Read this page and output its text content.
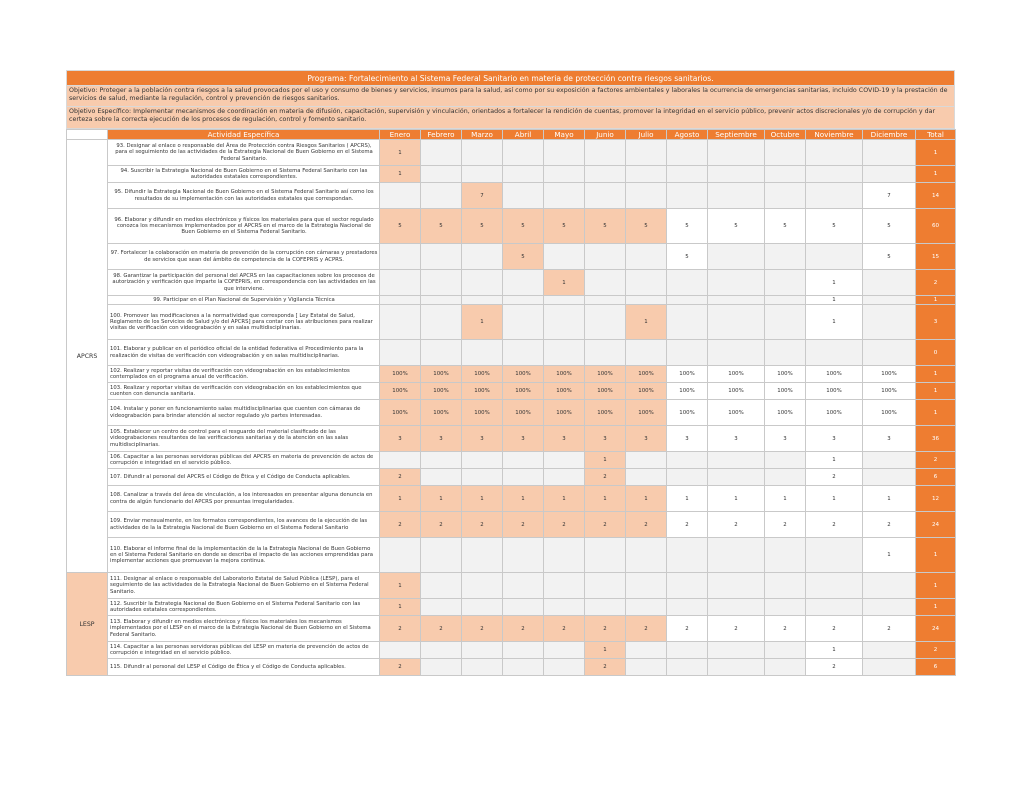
Programa: Fortalecimiento al Sistema Federal Sanitario en materia de protección contra riesgos sanitarios.
Objetivo: Proteger a la población contra riesgos a la salud provocados por el uso y consumo de bienes y servicios, insumos para la salud, así como por su exposición a factores ambientales y laborales la ocurrencia de emergencias sanitarias, incluido COVID-19 y la prestación de servicios de salud, mediante la regulación, control y prevención de riesgos sanitarios.
Objetivo Específico: Implementar mecanismos de coordinación en materia de difusión, capacitación, supervisión y vinculación, orientados a fortalecer la rendición de cuentas, promover la integridad en el servicio público, prevenir actos discrecionales y/o de corrupción y dar certeza sobre la correcta ejecución de los procesos de regulación, control y fomento sanitario.
	Actividad Específica	Enero	Febrero	Marzo	Abril	Mayo	Junio	Julio	Agosto	Septiembre	Octubre	Noviembre	Diciembre	Total
APCRS	93. Designar al enlace o responsable del Área de Protección contra Riesgos Sanitarios ( APCRS), para el seguimiento de las actividades de la Estrategia Nacional de Buen Gobierno en el Sistema Federal Sanitario.	1												1
	94. Suscribir la Estrategia Nacional de Buen Gobierno en el Sistema Federal Sanitario con las autoridades estatales correspondientes.	1												1
	95. Difundir la Estrategia Nacional de Buen Gobierno en el Sistema Federal Sanitario así como los resultados de su implementación con las autoridades estatales que correspondan.			7									7	14
	96. Elaborar y difundir en medios electrónicos y físicos los materiales para que el sector regulado conozca los mecanismos implementados por el APCRS en el marco de la Estrategia Nacional de Buen Gobierno en el Sistema Federal Sanitario.	5	5	5	5	5	5	5	5	5	5	5	5	60
	97. Fortalecer la colaboración en materia de prevención de la corrupción con cámaras y prestadores de servicios que sean del ámbito de competencia de la COFEPRIS y ACPRS.				5				5				5	15
	98. Garantizar la participación del personal del APCRS en las capacitaciones sobre los procesos de autorización y verificación que imparte la COFEPRIS, en correspondencia con las actividades en las que interviene.					1						1		2
	99. Participar en el Plan Nacional de Supervisión y Vigilancia Técnica											1		1
	100. Promover las modificaciones a la normatividad que corresponda [ Ley Estatal de Salud, Reglamento de los Servicios de Salud y/o del APCRS] para contar con las atribuciones para realizar visitas de verificación con videograbación y en salas multidisciplinarias.			1				1				1		3
	101. Elaborar y publicar en el periódico oficial de la entidad federativa el Procedimiento para la realización de visitas de verificación con videograbación y en salas multidisciplinarias.													0
	102. Realizar y reportar visitas de verificación con videograbación en los establecimientos contemplados en el programa anual de verificación.	100%	100%	100%	100%	100%	100%	100%	100%	100%	100%	100%	100%	1
	103. Realizar y reportar visitas de verificación con videograbación en los establecimientos que cuenten con denuncia sanitaria.	100%	100%	100%	100%	100%	100%	100%	100%	100%	100%	100%	100%	1
	104. Instalar y poner en funcionamiento salas multidisciplinarias que cuenten con cámaras de videograbación para brindar atención al sector regulado y/o partes interesadas.	100%	100%	100%	100%	100%	100%	100%	100%	100%	100%	100%	100%	1
	105. Establecer un centro de control para el resguardo del material clasificado de las videograbaciones resultantes de las verificaciones sanitarias y de la atención en las salas multidisciplinarias.	3	3	3	3	3	3	3	3	3	3	3	3	36
	106. Capacitar a las personas servidoras públicas del APCRS en materia de prevención de actos de corrupción e integridad en el servicio público.						1					1		2
	107. Difundir al personal del APCRS el Código de Ética y el Código de Conducta aplicables.	2					2					2		6
	108. Canalizar a través del área de vinculación, a los interesados en presentar alguna denuncia en contra de algún funcionario del APCRS por presuntas irregularidades.	1	1	1	1	1	1	1	1	1	1	1	1	12
	109. Enviar mensualmente, en los formatos correspondientes, los avances de la ejecución de las actividades de la la Estrategia Nacional de Buen Gobierno en el Sistema Federal Sanitario	2	2	2	2	2	2	2	2	2	2	2	2	24
	110. Elaborar el informe final de la implementación de la la Estrategia Nacional de Buen Gobierno en el Sistema Federal Sanitario en donde se describa el impacto de las acciones emprendidas para implementar acciones que promuevan la mejora continua.												1	1
LESP	111. Designar al enlace o responsable del Laboratorio Estatal de Salud Pública (LESP), para el seguimiento de las actividades de la Estrategia Nacional de Buen Gobierno en el Sistema Federal Sanitario.	1												1
	112. Suscribir la Estrategia Nacional de Buen Gobierno en el Sistema Federal Sanitario con las autoridades estatales correspondientes.	1												1
	113. Elaborar y difundir en medios electrónicos y físicos los materiales los mecanismos implementados por el LESP en el marco de la Estrategia Nacional de Buen Gobierno en el Sistema Federal Sanitario.	2	2	2	2	2	2	2	2	2	2	2	2	24
	114. Capacitar a las personas servidoras públicas del LESP en materia de prevención de actos de corrupción e integridad en el servicio público.						1					1		2
	115. Difundir al personal del LESP el Código de Ética y el Código de Conducta aplicables.	2					2					2		6
